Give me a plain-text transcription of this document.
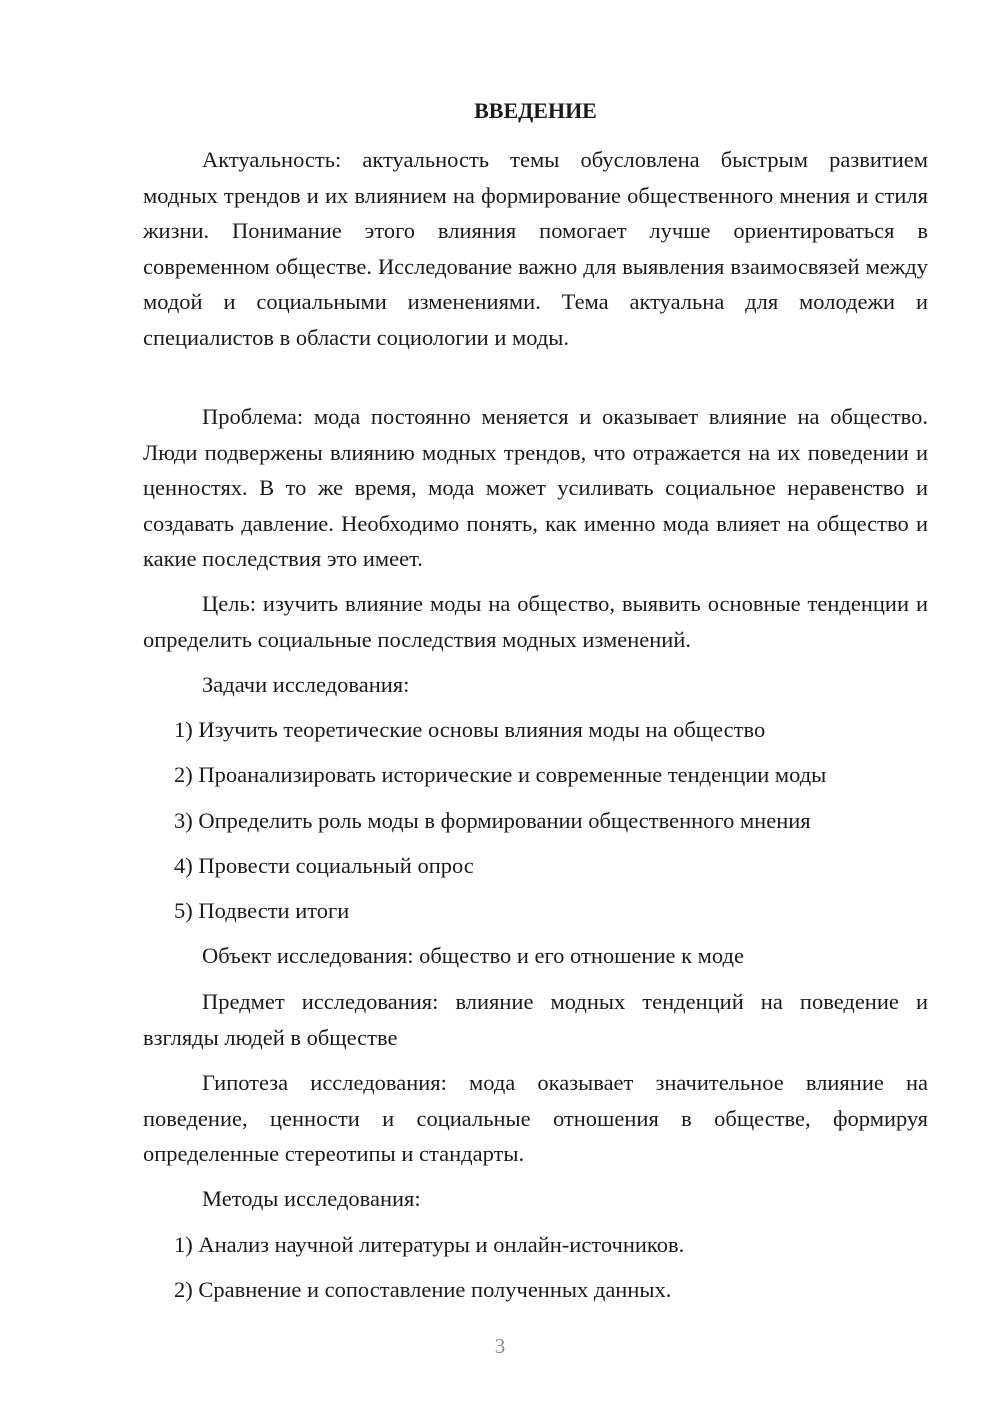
ВВЕДЕНИЕ

Актуальность: актуальность темы обусловлена быстрым развитием модных трендов и их влиянием на формирование общественного мнения и стиля жизни. Понимание этого влияния помогает лучше ориентироваться в современном обществе. Исследование важно для выявления взаимосвязей между модой и социальными изменениями. Тема актуальна для молодежи и специалистов в области социологии и моды.

Проблема: мода постоянно меняется и оказывает влияние на общество. Люди подвержены влиянию модных трендов, что отражается на их поведении и ценностях. В то же время, мода может усиливать социальное неравенство и создавать давление. Необходимо понять, как именно мода влияет на общество и какие последствия это имеет.

Цель: изучить влияние моды на общество, выявить основные тенденции и определить социальные последствия модных изменений.

Задачи исследования:

1) Изучить теоретические основы влияния моды на общество

2) Проанализировать исторические и современные тенденции моды

3) Определить роль моды в формировании общественного мнения

4) Провести социальный опрос

5) Подвести итоги

Объект исследования: общество и его отношение к моде

Предмет исследования: влияние модных тенденций на поведение и взгляды людей в обществе

Гипотеза исследования: мода оказывает значительное влияние на поведение, ценности и социальные отношения в обществе, формируя определенные стереотипы и стандарты.

Методы исследования:

1) Анализ научной литературы и онлайн-источников.

2) Сравнение и сопоставление полученных данных.

3
